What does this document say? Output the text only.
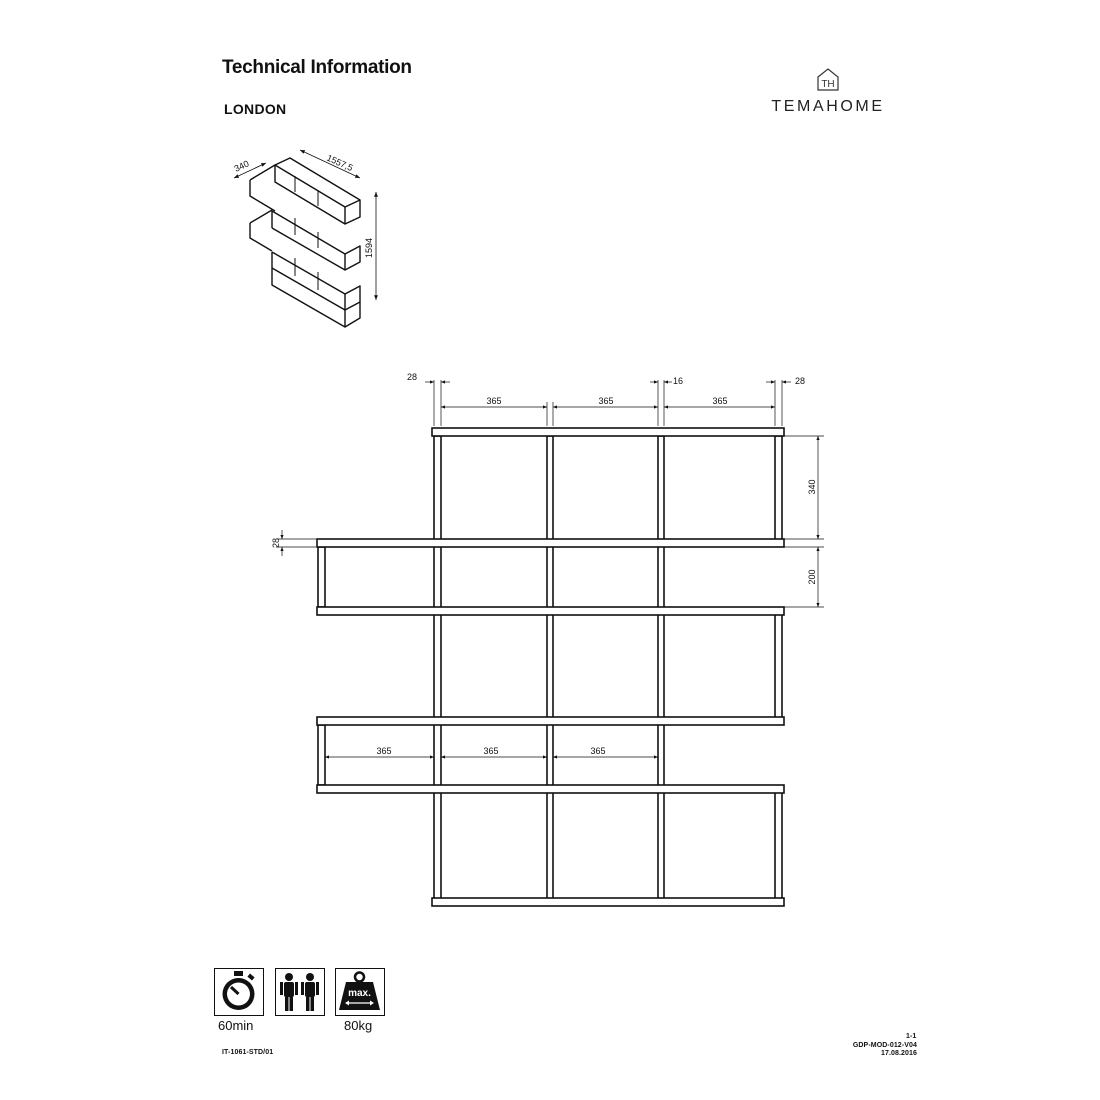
Technical Information
LONDON
TH
TEMAHOME
340	1557,5
1594
28	16	28
365	365	365
28
340
200
365	365	365
60min
max.
80kg
IT-1061-STD/01
1-1
GDP-MOD-012-V04
17.08.2016
